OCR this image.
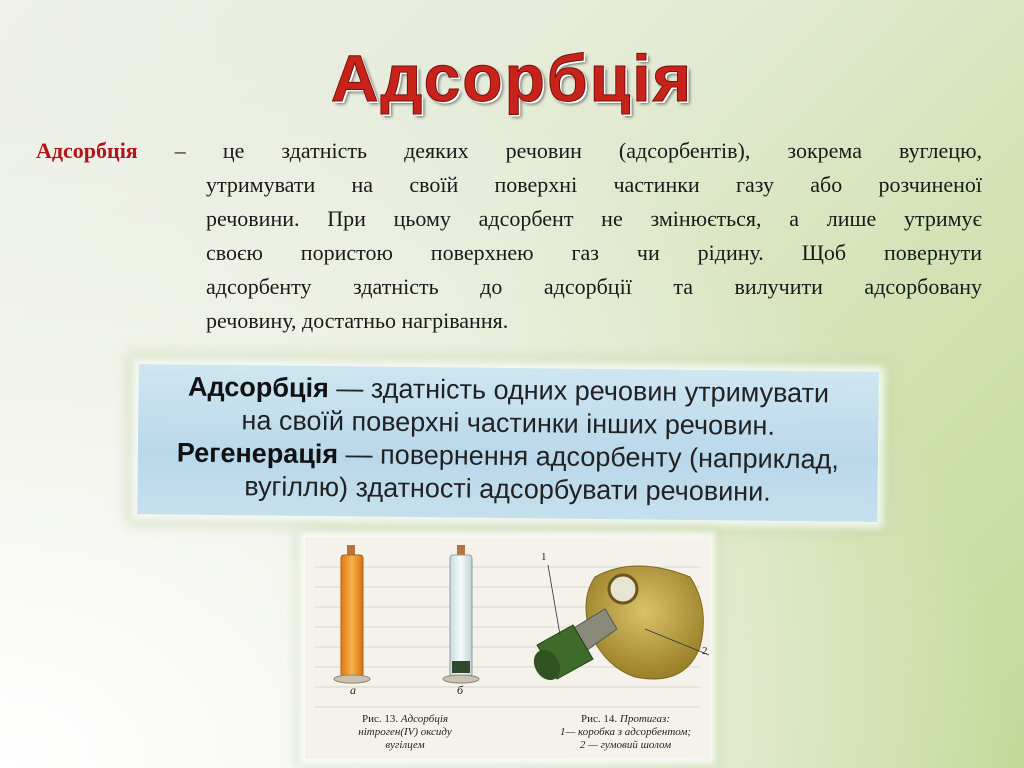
Адсорбція
Адсорбція – це здатність деяких речовин (адсорбентів), зокрема вуглецю,
утримувати на своїй поверхні частинки газу або розчиненої
речовини. При цьому адсорбент не змінюється, а лише утримує
своєю пористою поверхнею газ чи рідину. Щоб повернути
адсорбенту здатність до адсорбції та вилучити адсорбовану
речовину, достатньо нагрівання.
Адсорбція — здатність одних речовин утримувати
на своїй поверхні частинки інших речовин.
Регенерація — повернення адсорбенту (наприклад,
вугіллю) здатності адсорбувати речовини.
1
2
а	б
Рис. 13. Адсорбція
нітроген(IV) оксиду
вугілцем
Рис. 14. Протигаз:
1— коробка з адсорбентом;
2 — гумовий шолом
